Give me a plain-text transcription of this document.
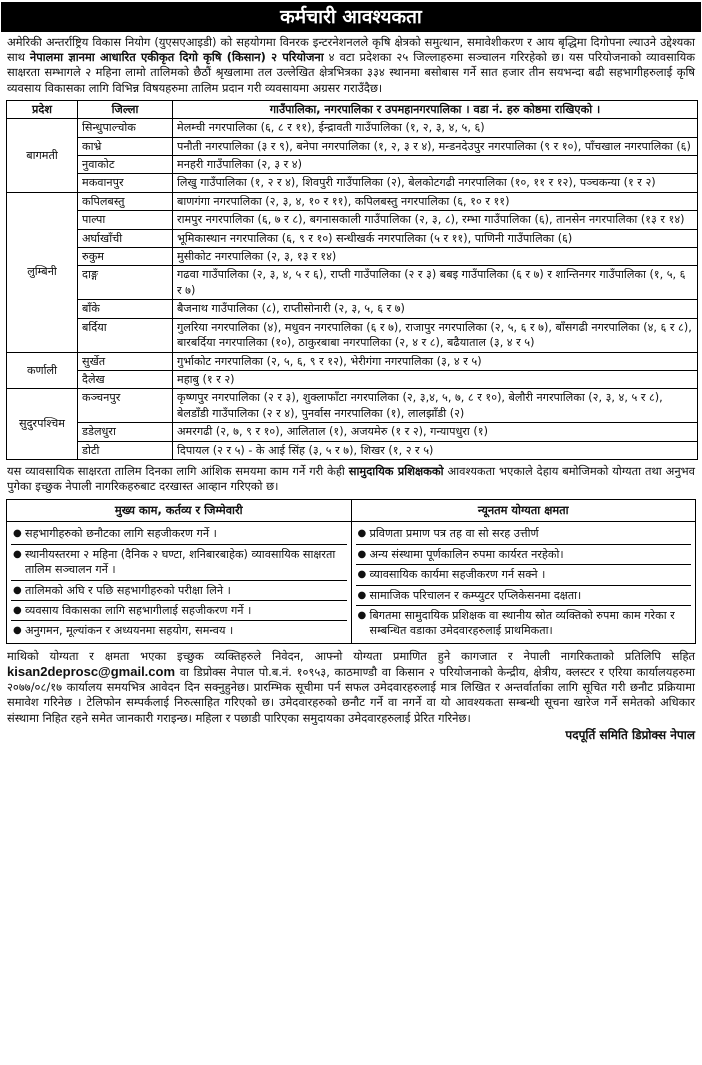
कर्मचारी आवश्यकता
अमेरिकी अन्तर्राष्ट्रिय विकास नियोग (युएसएआइडी) को सहयोगमा विनरक इन्टरनेशनलले कृषि क्षेत्रको समुत्थान, समावेशीकरण र आय बृद्धिमा दिगोपना ल्याउने उद्देश्यका साथ नेपालमा ज्ञानमा आधारित एकीकृत दिगो कृषि (किसान) २ परियोजना ४ वटा प्रदेशका २५ जिल्लाहरुमा सञ्चालन गरिरहेको छ। यस परियोजनाको व्यावसायिक साक्षरता सम्भागले २ महिना लामो तालिमको छैठौं श्रृखलामा तल उल्लेखित क्षेत्रभित्रका ३३४ स्थानमा बसोबास गर्ने सात हजार तीन सयभन्दा बढी सहभागीहरुलाई कृषि व्यवसाय विकासका लागि विभिन्न विषयहरुमा तालिम प्रदान गरी व्यवसायमा अग्रसर गराउँदैछ।
प्रदेश	जिल्ला	गाउँपालिका, नगरपालिका र उपमहानगरपालिका । वडा नं. हरु कोष्ठमा राखिएको ।
बागमती	सिन्धुपाल्चोक	मेलम्ची नगरपालिका (६, ८ र ११), ईन्द्रावती गाउँपालिका (१, २, ३, ४, ५, ६)
	काभ्रे	पनौती नगरपालिका (३ र ९), बनेपा नगरपालिका (१, २, ३ र ४), मन्डनदेउपुर नगरपालिका (९ र १०), पाँचखाल नगरपालिका (६)
	नुवाकोट	मनहरी गाउँपालिका (२, ३ र ४)
	मकवानपुर	लिखु गाउँपालिका (१, २ र ४), शिवपुरी गाउँपालिका (२), बेलकोटगढी नगरपालिका (१०, ११ र १२), पञ्चकन्या (१ र २)
लुम्बिनी	कपिलबस्तु	बाणगंगा नगरपालिका (२, ३, ४, १० र ११), कपिलबस्तु नगरपालिका (६, १० र ११)
	पाल्पा	रामपुर नगरपालिका (६, ७ र ८), बगनासकाली गाउँपालिका (२, ३, ८), रम्भा गाउँपालिका (६), तानसेन नगरपालिका (१३ र १४)
	अर्घाखाँची	भूमिकास्थान नगरपालिका (६, ९ र १०) सन्धीखर्क नगरपालिका (५ र ११), पाणिनी गाउँपालिका (६)
	रुकुम	मुसीकोट नगरपालिका (२, ३, १३ र १४)
	दाङ्ग	गढवा गाउँपालिका (२, ३, ४, ५ र ६), राप्ती गाउँपालिका (२ र ३) बबइ गाउँपालिका (६ र ७) र शान्तिनगर गाउँपालिका (१, ५, ६ र ७)
	बाँके	बैजनाथ गाउँपालिका (८), राप्तीसोनारी (२, ३, ५, ६ र ७)
	बर्दिया	गुलरिया नगरपालिका (४), मधुवन नगरपालिका (६ र ७), राजापुर नगरपालिका (२, ५, ६ र ७), बाँसगढी नगरपालिका (४, ६ र ८), बारबर्दिया नगरपालिका (१०), ठाकुरबाबा नगरपालिका (२, ४ र ८), बढैयाताल (३, ४ र ५)
कर्णाली	सुर्खेत	गुर्भाकोट नगरपालिका (२, ५, ६, ९ र १२), भेरीगंगा नगरपालिका (३, ४ र ५)
	दैलेख	महाबु (१ र २)
सुदुरपश्चिम	कञ्चनपुर	कृष्णपुर नगरपालिका (२ र ३), शुक्लाफाँटा नगरपालिका (२, ३,४, ५, ७, ८ र १०), बेलौरी नगरपालिका (२, ३, ४, ५ र ८), बेलडाँडी गाउँपालिका (२ र ४), पुनर्वास नगरपालिका (१), लालझाँडी (२)
	डडेलधुरा	अमरगढी (२, ७, ९ र १०), आलिताल (१), अजयमेरु (१ र २), गन्यापधुरा (१)
	डोटी	दिपायल (२ र ५) - के आई सिंह (३, ५ र ७), शिखर (१, २ र ५)
यस व्यावसायिक साक्षरता तालिम दिनका लागि आंशिक समयमा काम गर्ने गरी केही सामुदायिक प्रशिक्षकको आवश्यकता भएकाले देहाय बमोजिमको योग्यता तथा अनुभव पुगेका इच्छुक नेपाली नागरिकहरुबाट दरखास्त आव्हान गरिएको छ।
मुख्य काम, कर्तव्य र जिम्मेवारी
● सहभागीहरुको छनौटका लागि सहजीकरण गर्ने ।
● स्थानीयस्तरमा २ महिना (दैनिक २ घण्टा, शनिबारबाहेक) व्यावसायिक साक्षरता तालिम सञ्चालन गर्ने ।
● तालिमको अघि र पछि सहभागीहरुको परीक्षा लिने ।
● व्यवसाय विकासका लागि सहभागीलाई सहजीकरण गर्ने ।
● अनुगमन, मूल्यांकन र अध्ययनमा सहयोग, समन्वय ।
न्यूनतम योग्यता क्षमता
● प्रविणता प्रमाण पत्र तह वा सो सरह उत्तीर्ण
● अन्य संस्थामा पूर्णकालिन रुपमा कार्यरत नरहेको।
● व्यावसायिक कार्यमा सहजीकरण गर्न सक्ने ।
● सामाजिक परिचालन र कम्प्युटर एप्लिकेसनमा दक्षता।
● बिगतमा सामुदायिक प्रशिक्षक वा स्थानीय स्रोत व्यक्तिको रुपमा काम गरेका र सम्बन्धित वडाका उमेदवारहरुलाई प्राथमिकता।
माथिको योग्यता र क्षमता भएका इच्छुक व्यक्तिहरुले निवेदन, आफ्नो योग्यता प्रमाणित हुने कागजात र नेपाली नागरिकताको प्रतिलिपि सहित kisan2deprosc@gmail.com वा डिप्रोक्स नेपाल पो.ब.नं. १०९५३, काठमाण्डौ वा किसान २ परियोजनाको केन्द्रीय, क्षेत्रीय, क्लस्टर र एरिया कार्यालयहरुमा २०७७/०८/१७ कार्यालय समयभित्र आवेदन दिन सक्नुहुनेछ। प्रारम्भिक सूचीमा पर्न सफल उमेदवारहरुलाई मात्र लिखित र अन्तर्वार्ताका लागि सूचित गरी छनौट प्रक्रियामा समावेश गरिनेछ । टेलिफोन सम्पर्कलाई निरुत्साहित गरिएको छ। उमेदवारहरुको छनौट गर्ने वा नगर्ने वा यो आवश्यकता सम्बन्धी सूचना खारेज गर्ने समेतको अधिकार संस्थामा निहित रहने समेत जानकारी गराइन्छ। महिला र पछाडी पारिएका समुदायका उमेदवारहरुलाई प्रेरित गरिनेछ।
पदपूर्ति समिति डिप्रोक्स नेपाल
